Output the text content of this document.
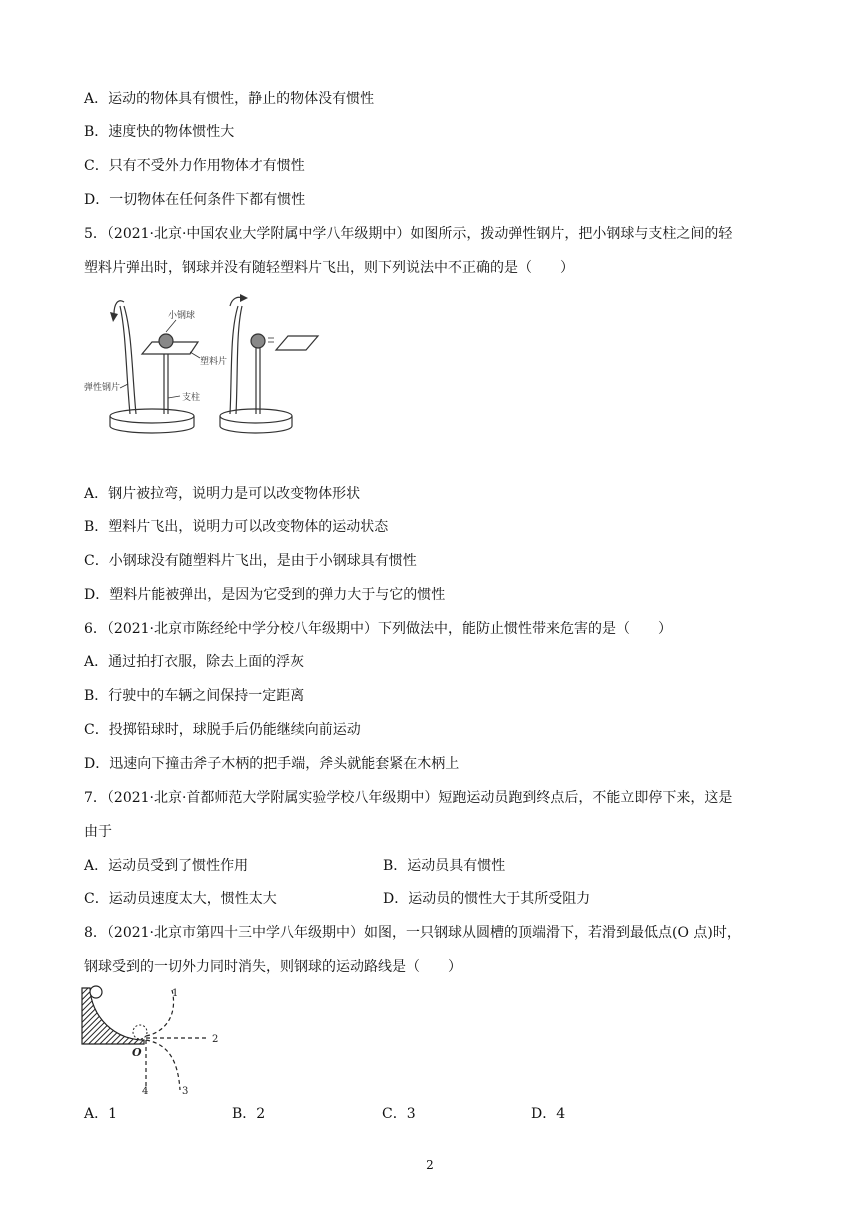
A．运动的物体具有惯性，静止的物体没有惯性
B．速度快的物体惯性大
C．只有不受外力作用物体才有惯性
D．一切物体在任何条件下都有惯性
5．（2021·北京·中国农业大学附属中学八年级期中）如图所示，拨动弹性钢片，把小钢球与支柱之间的轻
塑料片弹出时，钢球并没有随轻塑料片飞出，则下列说法中不正确的是（　　）
小钢球
塑料片
弹性钢片
支柱
A．钢片被拉弯，说明力是可以改变物体形状
B．塑料片飞出，说明力可以改变物体的运动状态
C．小钢球没有随塑料片飞出，是由于小钢球具有惯性
D．塑料片能被弹出，是因为它受到的弹力大于与它的惯性
6．（2021·北京市陈经纶中学分校八年级期中）下列做法中，能防止惯性带来危害的是（　　）
A．通过拍打衣服，除去上面的浮灰
B．行驶中的车辆之间保持一定距离
C．投掷铅球时，球脱手后仍能继续向前运动
D．迅速向下撞击斧子木柄的把手端，斧头就能套紧在木柄上
7．（2021·北京·首都师范大学附属实验学校八年级期中）短跑运动员跑到终点后，不能立即停下来，这是
由于
A．运动员受到了惯性作用	B．运动员具有惯性
C．运动员速度太大，惯性太大	D．运动员的惯性大于其所受阻力
8．（2021·北京市第四十三中学八年级期中）如图，一只钢球从圆槽的顶端滑下，若滑到最低点(O 点)时，
钢球受到的一切外力同时消失，则钢球的运动路线是（　　）
O
1
2
3
4
A．1	B．2	C．3	D．4
2
